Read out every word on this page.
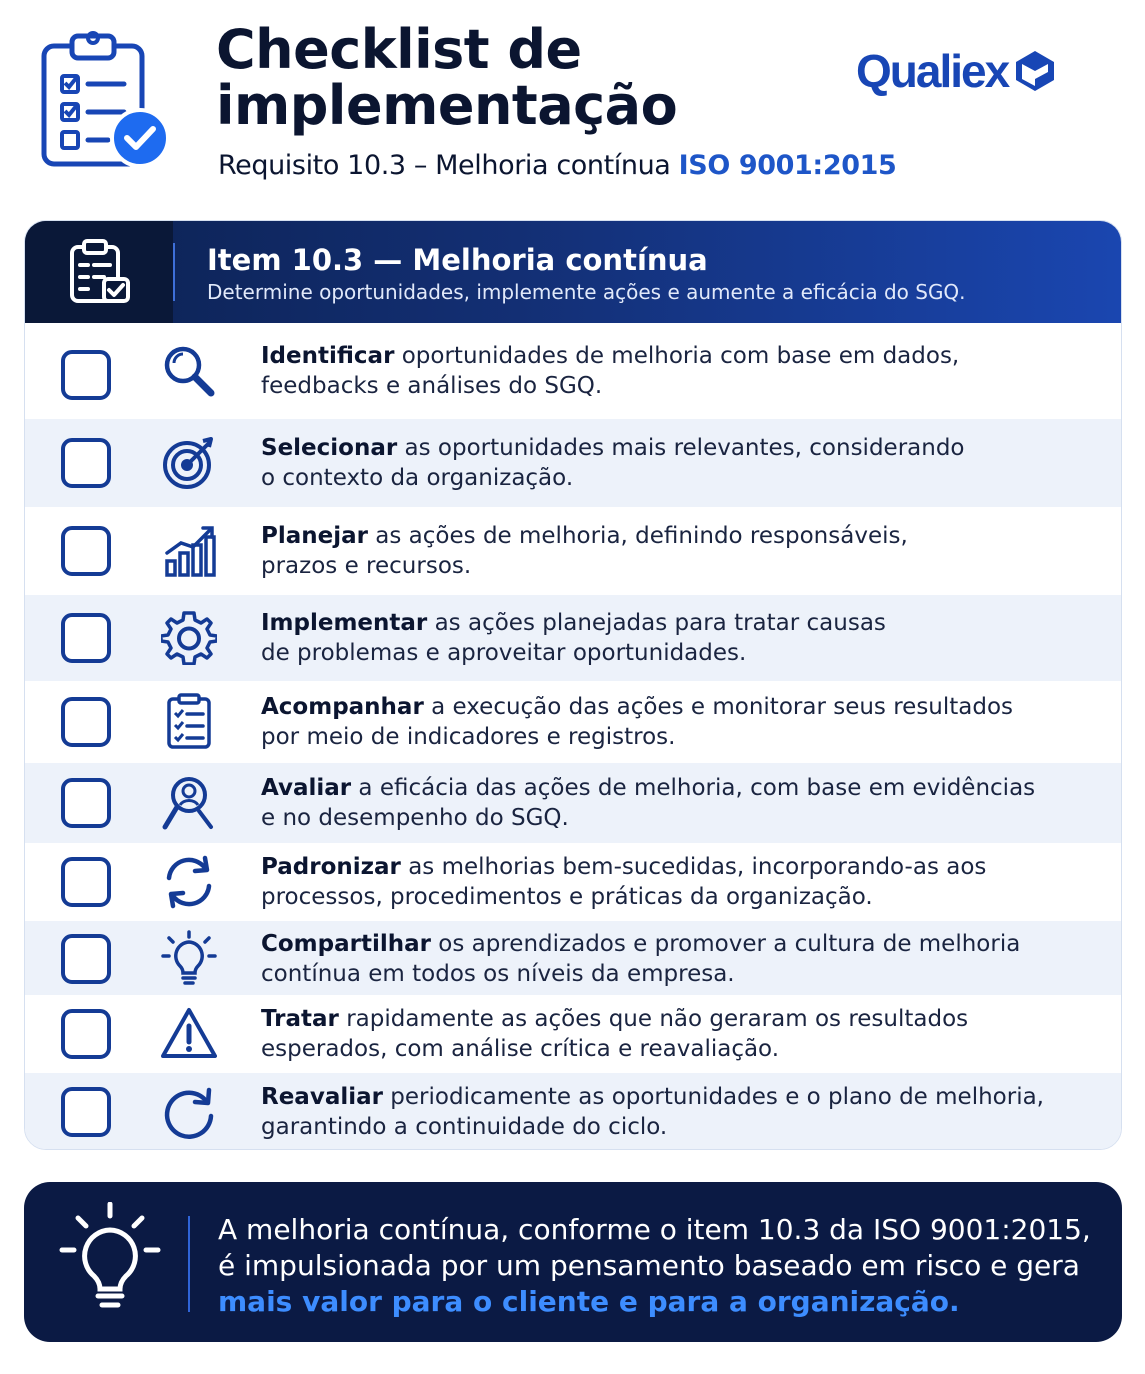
Checklist de
implementação
Requisito 10.3 – Melhoria contínua ISO 9001:2015
Qualiex
Item 10.3 — Melhoria contínua
Determine oportunidades, implemente ações e aumente a eficácia do SGQ.
Identificar oportunidades de melhoria com base em dados,
feedbacks e análises do SGQ.
Selecionar as oportunidades mais relevantes, considerando
o contexto da organização.
Planejar as ações de melhoria, definindo responsáveis,
prazos e recursos.
Implementar as ações planejadas para tratar causas
de problemas e aproveitar oportunidades.
Acompanhar a execução das ações e monitorar seus resultados
por meio de indicadores e registros.
Avaliar a eficácia das ações de melhoria, com base em evidências
e no desempenho do SGQ.
Padronizar as melhorias bem-sucedidas, incorporando-as aos
processos, procedimentos e práticas da organização.
Compartilhar os aprendizados e promover a cultura de melhoria
contínua em todos os níveis da empresa.
Tratar rapidamente as ações que não geraram os resultados
esperados, com análise crítica e reavaliação.
Reavaliar periodicamente as oportunidades e o plano de melhoria,
garantindo a continuidade do ciclo.
A melhoria contínua, conforme o item 10.3 da ISO 9001:2015,
é impulsionada por um pensamento baseado em risco e gera
mais valor para o cliente e para a organização.
